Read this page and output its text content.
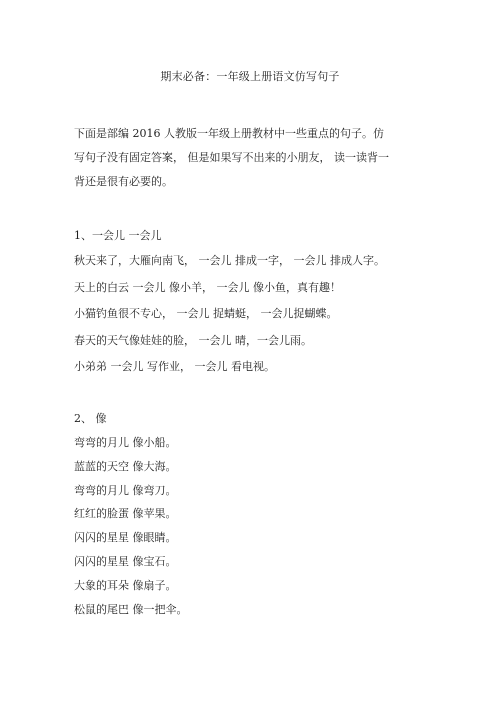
期末必备：一年级上册语文仿写句子
下面是部编 2016 人教版一年级上册教材中一些重点的句子。仿
写句子没有固定答案， 但是如果写不出来的小朋友， 读一读背一
背还是很有必要的。
1、一会儿 一会儿
秋天来了，大雁向南飞， 一会儿 排成一字， 一会儿 排成人字。
天上的白云 一会儿 像小羊， 一会儿 像小鱼，真有趣！
小猫钓鱼很不专心， 一会儿 捉蜻蜓， 一会儿捉蝴蝶。
春天的天气像娃娃的脸， 一会儿 晴，一会儿雨。
小弟弟 一会儿 写作业， 一会儿 看电视。
2、 像
弯弯的月儿 像小船。
蓝蓝的天空 像大海。
弯弯的月儿 像弯刀。
红红的脸蛋 像苹果。
闪闪的星星 像眼睛。
闪闪的星星 像宝石。
大象的耳朵 像扇子。
松鼠的尾巴 像一把伞。
